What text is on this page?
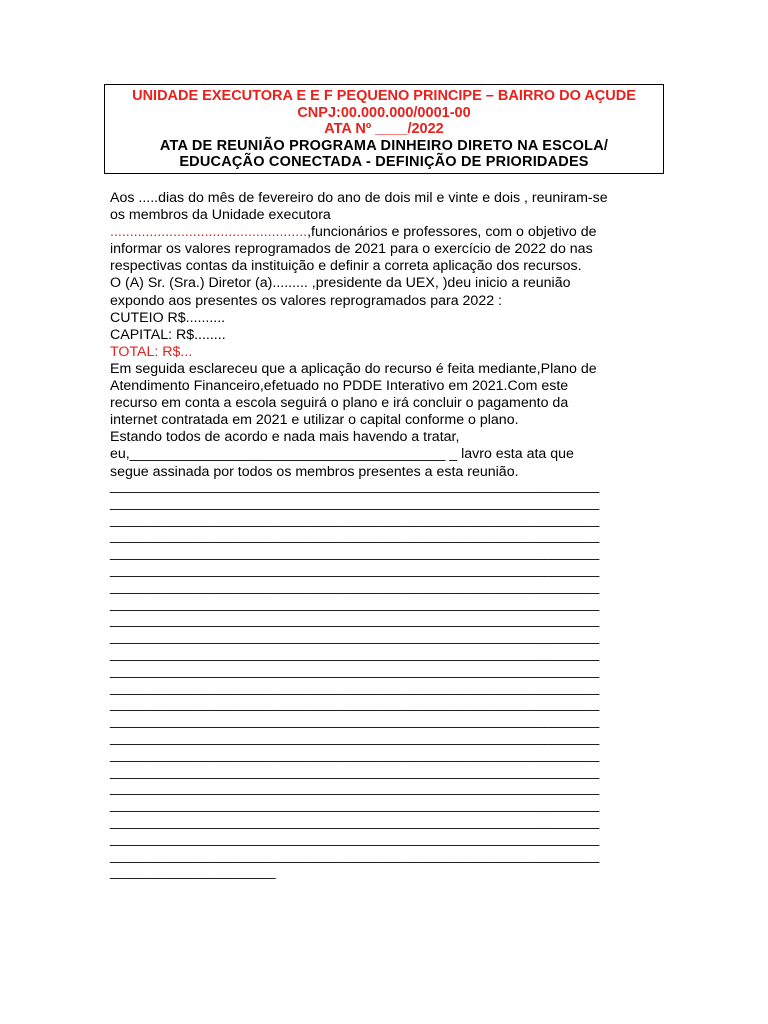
UNIDADE EXECUTORA E E F PEQUENO PRINCIPE – BAIRRO DO AÇUDE
CNPJ:00.000.000/0001-00
ATA Nº ____/2022
ATA DE REUNIÃO PROGRAMA DINHEIRO DIRETO NA ESCOLA/
EDUCAÇÃO CONECTADA - DEFINIÇÃO DE PRIORIDADES

Aos .....dias do mês de fevereiro do ano de dois mil e vinte e dois , reuniram-se

os membros da Unidade executora

..................................................,funcionários e professores, com o objetivo de

informar os valores reprogramados de 2021 para o exercício de 2022 do nas

respectivas contas da instituição e definir a correta aplicação dos recursos.

O (A) Sr. (Sra.) Diretor (a)......... ,presidente da UEX, )deu inicio a reunião

expondo aos presentes os valores reprogramados para 2022 :

CUTEIO R$..........

CAPITAL: R$........

TOTAL: R$...

Em seguida esclareceu que a aplicação do recurso é feita mediante,Plano de

Atendimento Financeiro,efetuado no PDDE Interativo em 2021.Com este

recurso em conta a escola seguirá o plano e irá concluir o pagamento da

internet contratada em 2021 e utilizar o capital conforme o plano.

Estando todos de acordo e nada mais havendo a tratar,

eu,________________________________________ _ lavro esta ata que

segue assinada por todos os membros presentes a esta reunião.

______________________________________________________________
______________________________________________________________
______________________________________________________________
______________________________________________________________
______________________________________________________________
______________________________________________________________
______________________________________________________________
______________________________________________________________
______________________________________________________________
______________________________________________________________
______________________________________________________________
______________________________________________________________
______________________________________________________________
______________________________________________________________
______________________________________________________________
______________________________________________________________
______________________________________________________________
______________________________________________________________
______________________________________________________________
______________________________________________________________
______________________________________________________________
______________________________________________________________
______________________________________________________________
_____________________
